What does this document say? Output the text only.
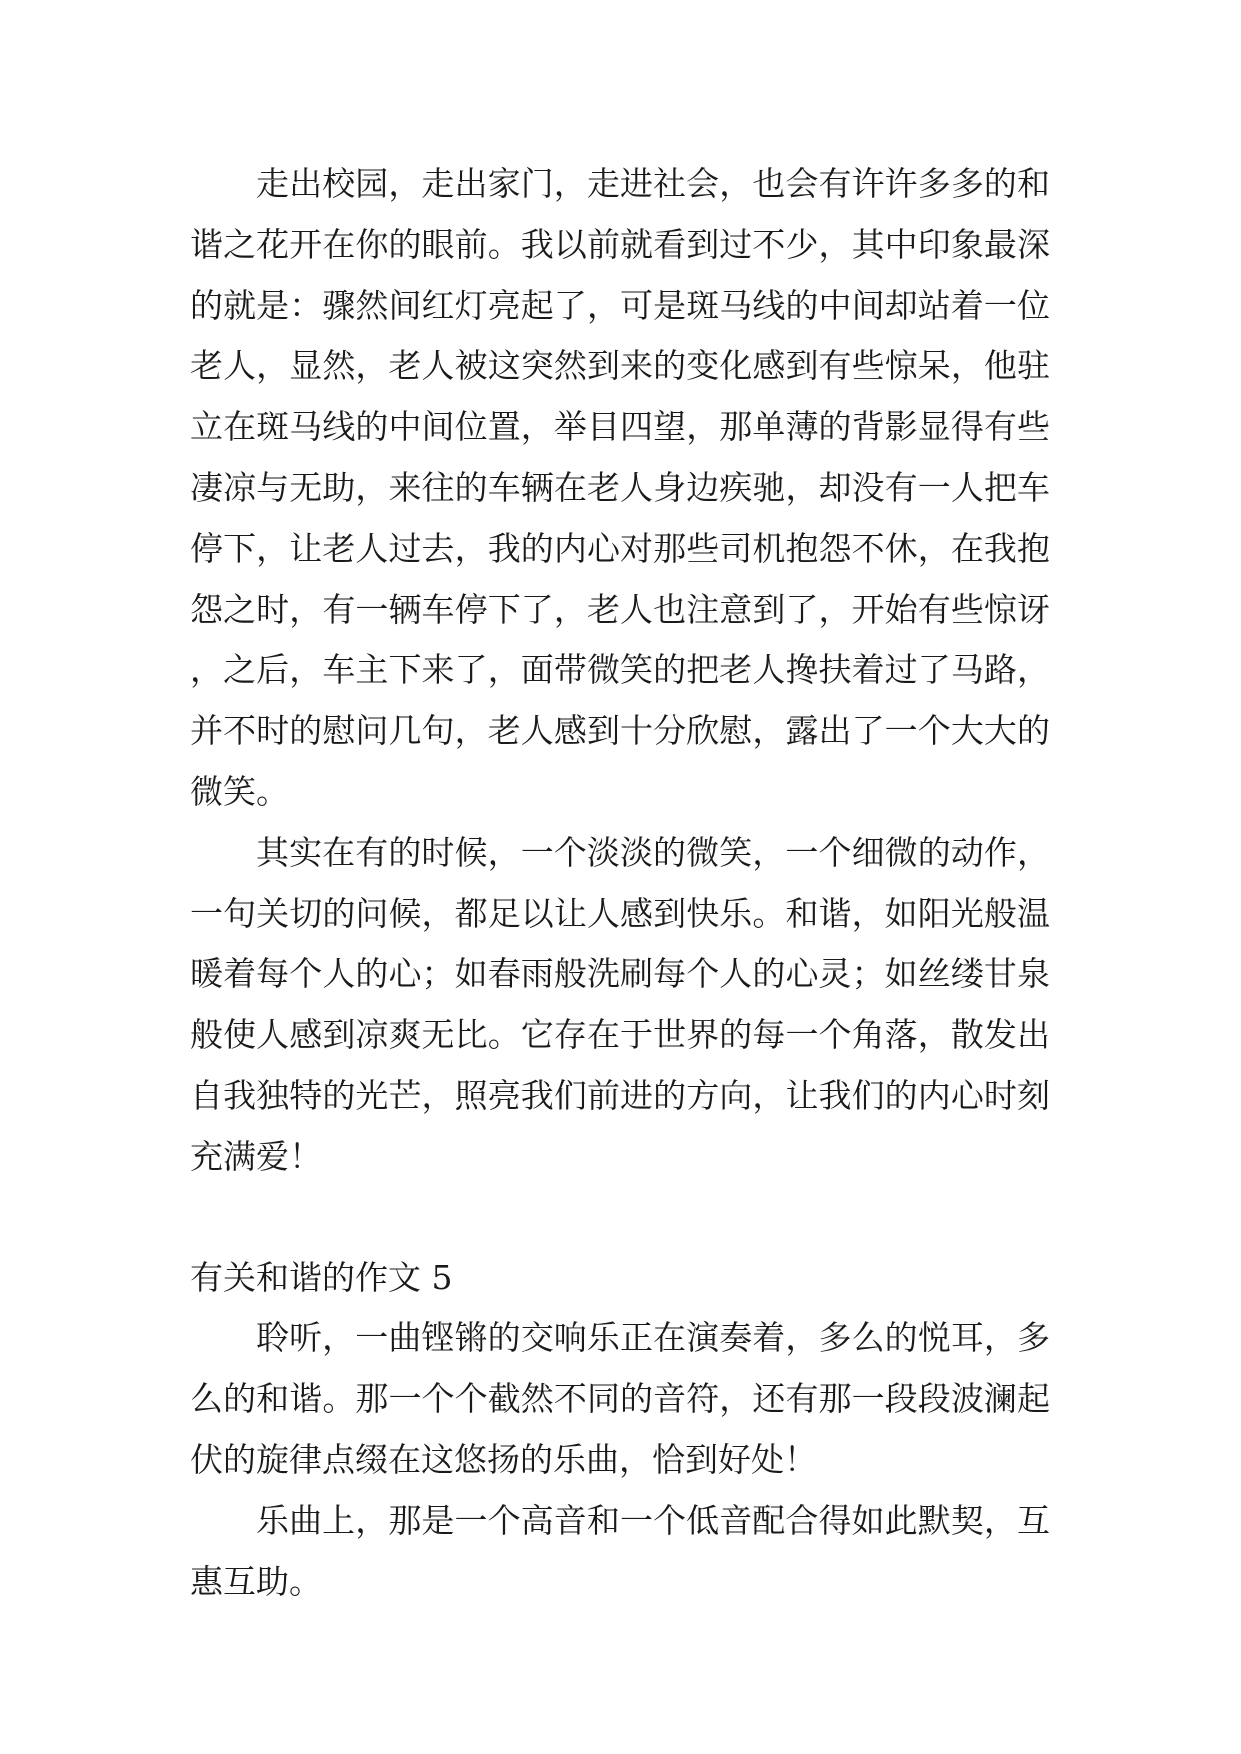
走出校园，走出家门，走进社会，也会有许许多多的和谐之花开在你的眼前。我以前就看到过不少，其中印象最深的就是：骤然间红灯亮起了，可是斑马线的中间却站着一位老人，显然，老人被这突然到来的变化感到有些惊呆，他驻立在斑马线的中间位置，举目四望，那单薄的背影显得有些凄凉与无助，来往的车辆在老人身边疾驰，却没有一人把车停下，让老人过去，我的内心对那些司机抱怨不休，在我抱怨之时，有一辆车停下了，老人也注意到了，开始有些惊讶，之后，车主下来了，面带微笑的把老人搀扶着过了马路，并不时的慰问几句，老人感到十分欣慰，露出了一个大大的微笑。

其实在有的时候，一个淡淡的微笑，一个细微的动作，一句关切的问候，都足以让人感到快乐。和谐，如阳光般温暖着每个人的心；如春雨般洗刷每个人的心灵；如丝缕甘泉般使人感到凉爽无比。它存在于世界的每一个角落，散发出自我独特的光芒，照亮我们前进的方向，让我们的内心时刻充满爱！

有关和谐的作文 5

聆听，一曲铿锵的交响乐正在演奏着，多么的悦耳，多么的和谐。那一个个截然不同的音符，还有那一段段波澜起伏的旋律点缀在这悠扬的乐曲，恰到好处！

乐曲上，那是一个高音和一个低音配合得如此默契，互惠互助。
